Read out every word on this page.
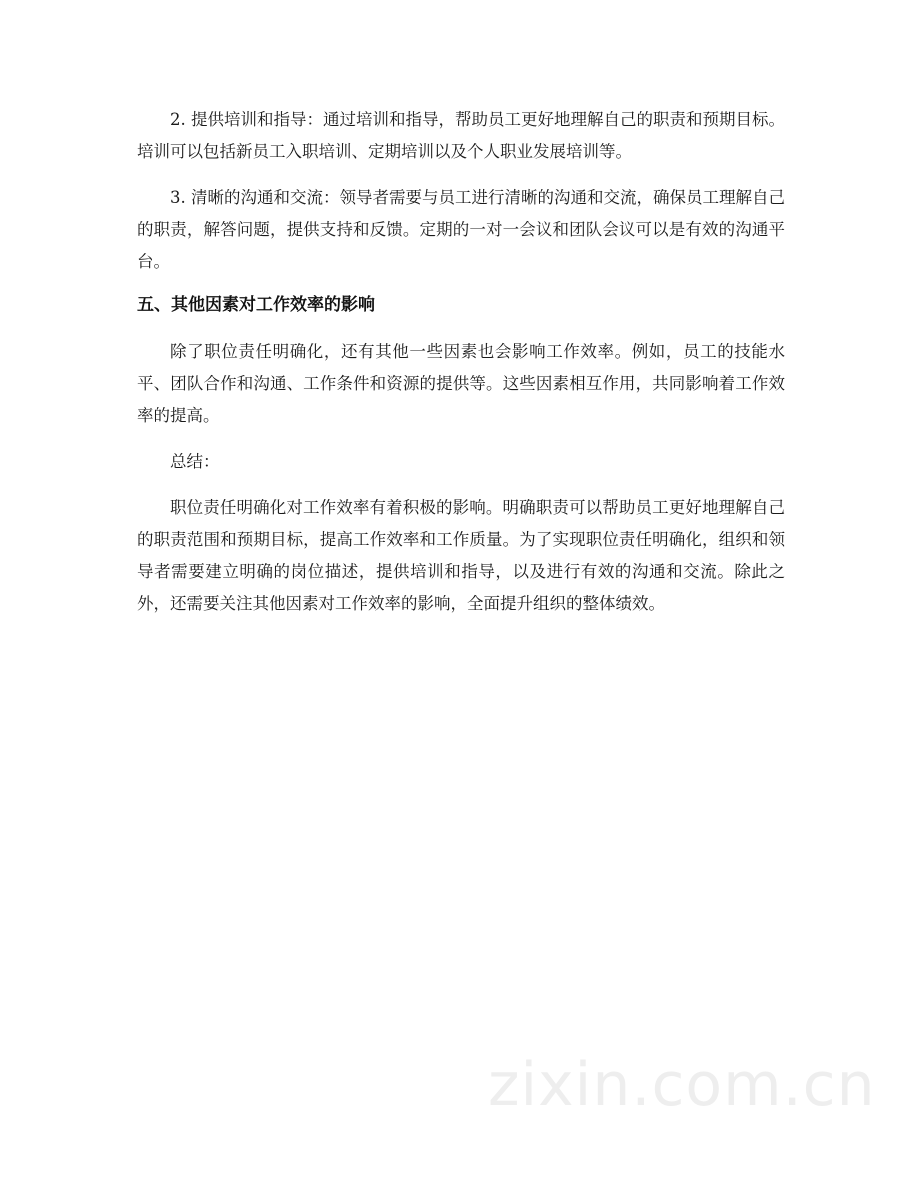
2. 提供培训和指导：通过培训和指导，帮助员工更好地理解自己的职责和预期目标。培训可以包括新员工入职培训、定期培训以及个人职业发展培训等。

3. 清晰的沟通和交流：领导者需要与员工进行清晰的沟通和交流，确保员工理解自己的职责，解答问题，提供支持和反馈。定期的一对一会议和团队会议可以是有效的沟通平台。

五、其他因素对工作效率的影响

除了职位责任明确化，还有其他一些因素也会影响工作效率。例如，员工的技能水平、团队合作和沟通、工作条件和资源的提供等。这些因素相互作用，共同影响着工作效率的提高。

总结：

职位责任明确化对工作效率有着积极的影响。明确职责可以帮助员工更好地理解自己的职责范围和预期目标，提高工作效率和工作质量。为了实现职位责任明确化，组织和领导者需要建立明确的岗位描述，提供培训和指导，以及进行有效的沟通和交流。除此之外，还需要关注其他因素对工作效率的影响，全面提升组织的整体绩效。

zixin.com.cn
